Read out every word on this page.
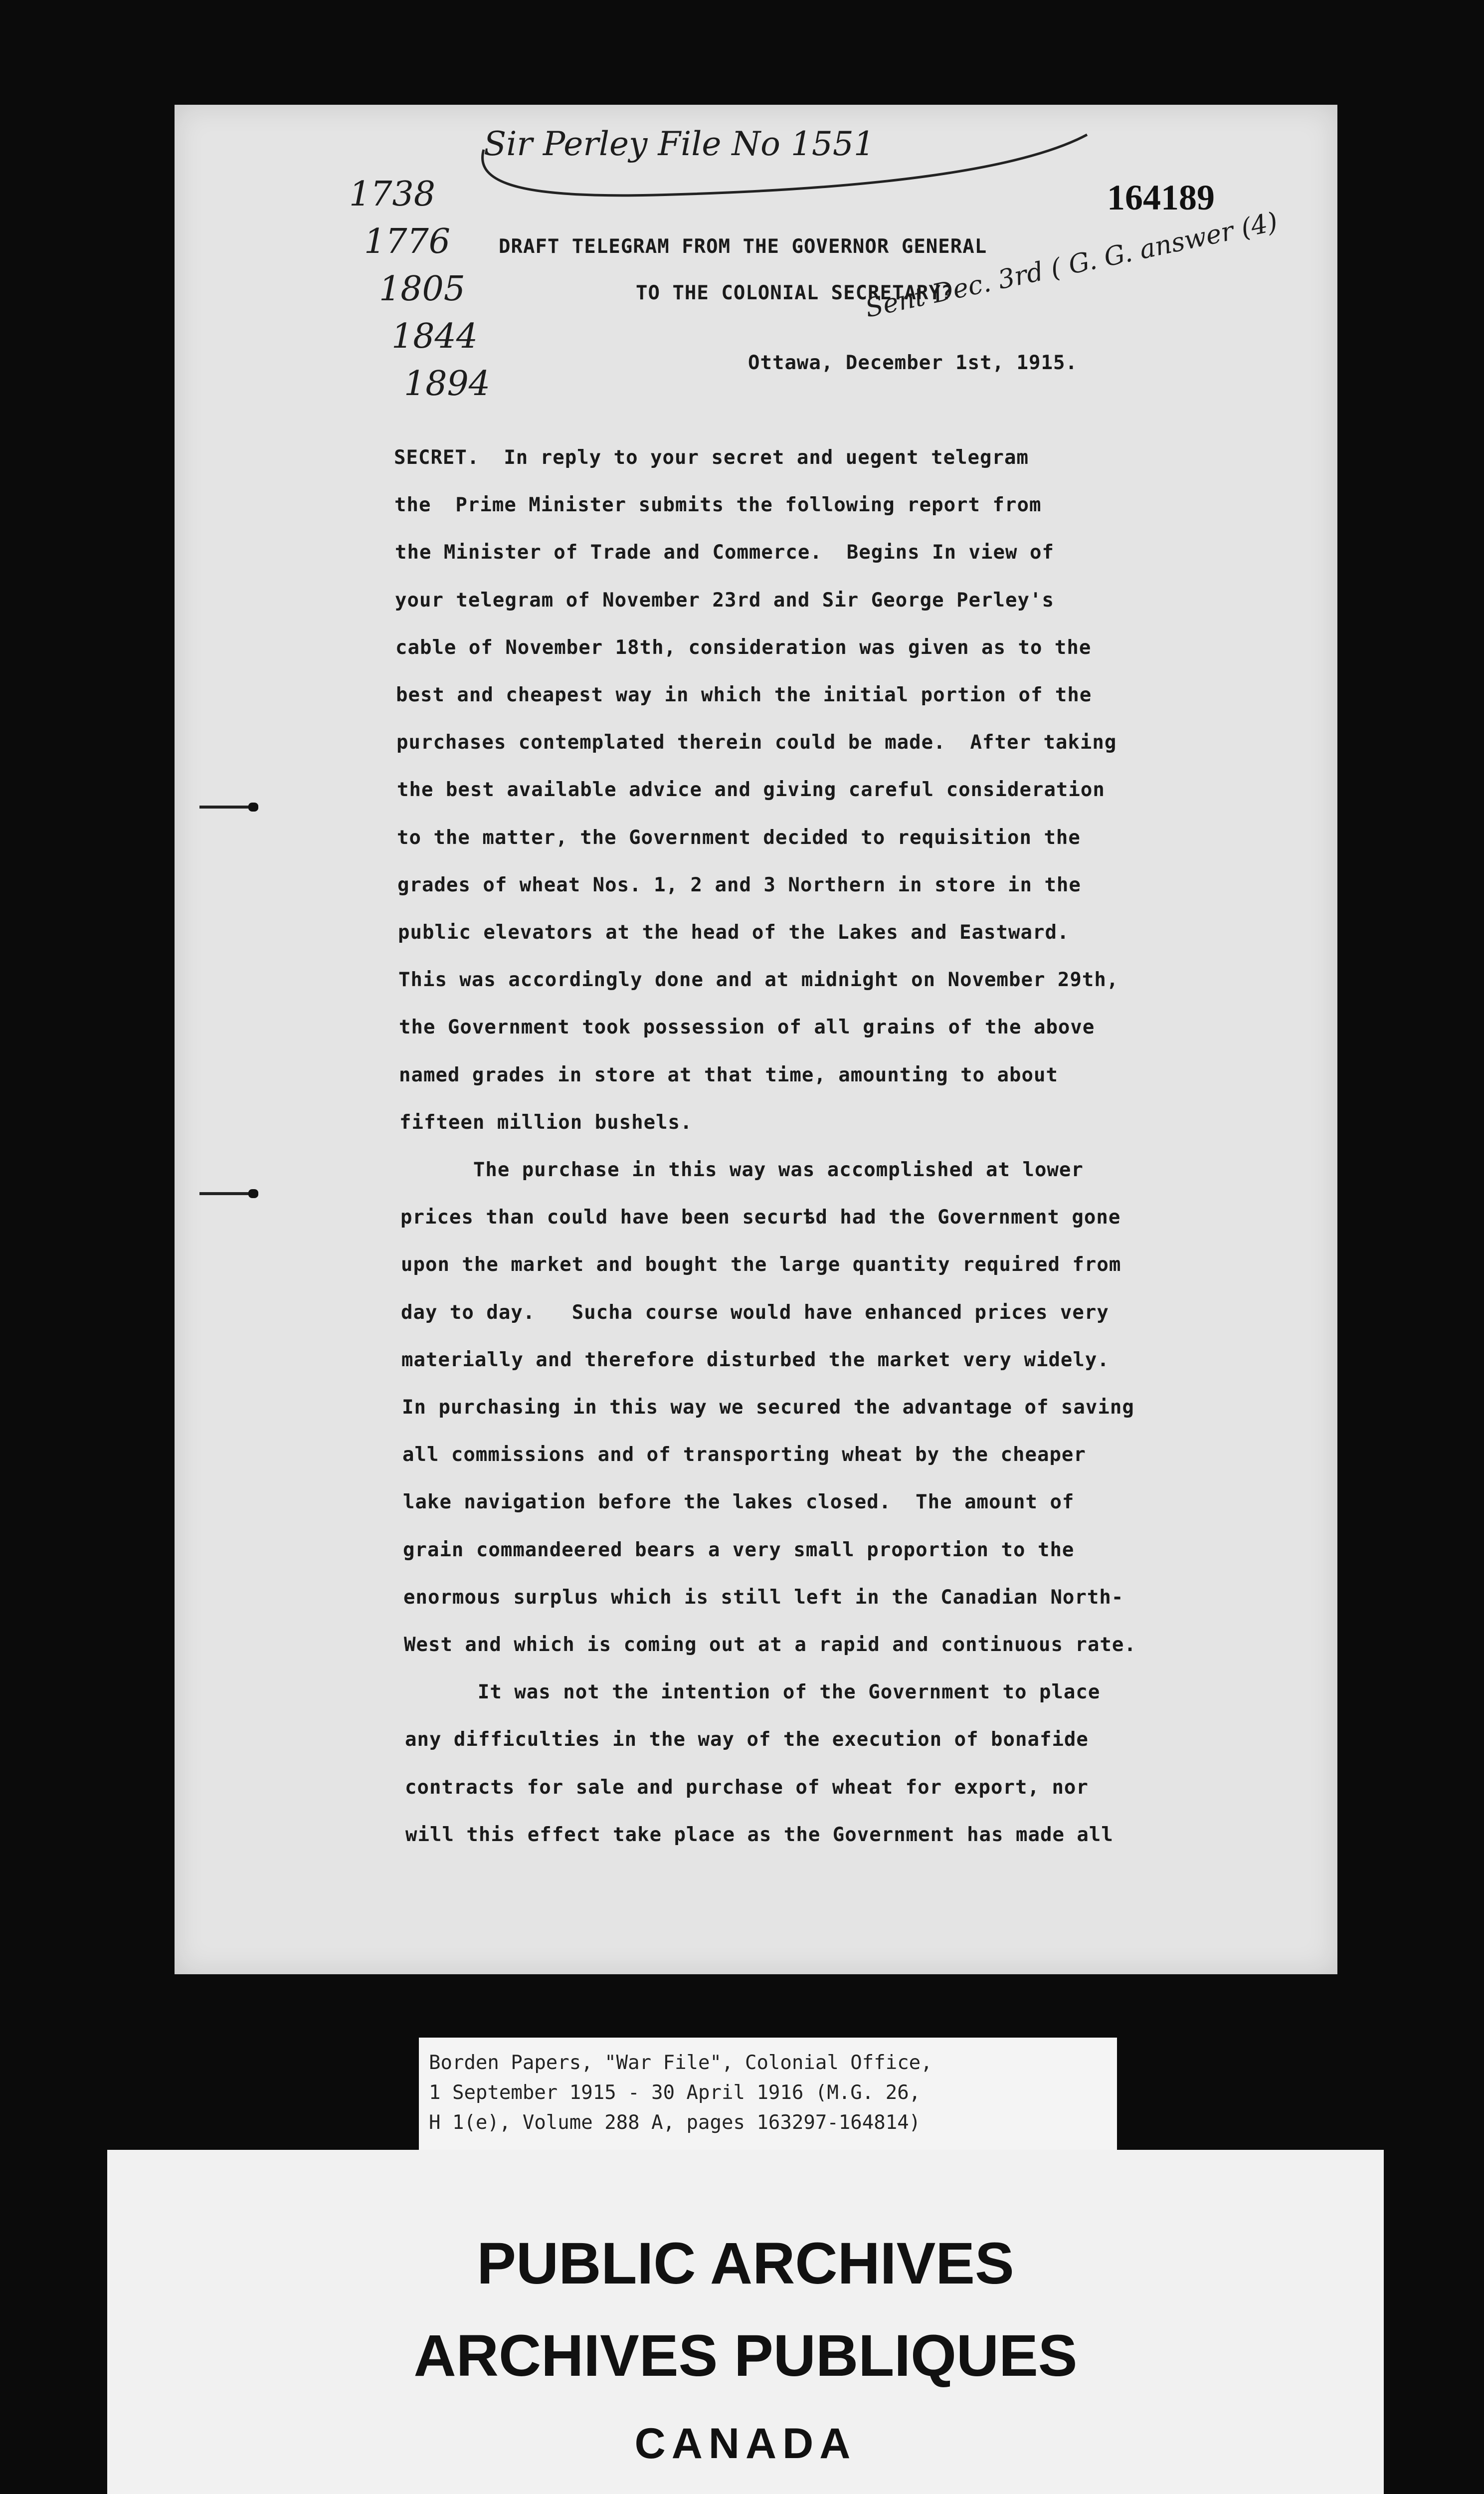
Sir Perley File No 1551
1738
1776
1805
1844
1894
164189
Sent Dec. 3rd ( G. G. answer (4)
DRAFT TELEGRAM FROM THE GOVERNOR GENERAL
TO THE COLONIAL SECRETARY?
Ottawa, December 1st, 1915.
SECRET.  In reply to your secret and uegent telegram
the  Prime Minister submits the following report from
the Minister of Trade and Commerce.  Begins In view of
your telegram of November 23rd and Sir George Perley's
cable of November 18th, consideration was given as to the
best and cheapest way in which the initial portion of the
purchases contemplated therein could be made.  After taking
the best available advice and giving careful consideration
to the matter, the Government decided to requisition the
grades of wheat Nos. 1, 2 and 3 Northern in store in the
public elevators at the head of the Lakes and Eastward.
This was accordingly done and at midnight on November 29th,
the Government took possession of all grains of the above
named grades in store at that time, amounting to about
fifteen million bushels.
The purchase in this way was accomplished at lower
prices than could have been securѣd had the Government gone
upon the market and bought the large quantity required from
day to day.   Sucha course would have enhanced prices very
materially and therefore disturbed the market very widely.
In purchasing in this way we secured the advantage of saving
all commissions and of transporting wheat by the cheaper
lake navigation before the lakes closed.  The amount of
grain commandeered bears a very small proportion to the
enormous surplus which is still left in the Canadian North-
West and which is coming out at a rapid and continuous rate.
It was not the intention of the Government to place
any difficulties in the way of the execution of bonafide
contracts for sale and purchase of wheat for export, nor
will this effect take place as the Government has made all
Borden Papers, "War File", Colonial Office,
1 September 1915 - 30 April 1916 (M.G. 26,
H 1(e), Volume 288 A, pages 163297-164814)
PUBLIC ARCHIVES
ARCHIVES PUBLIQUES
CANADA
